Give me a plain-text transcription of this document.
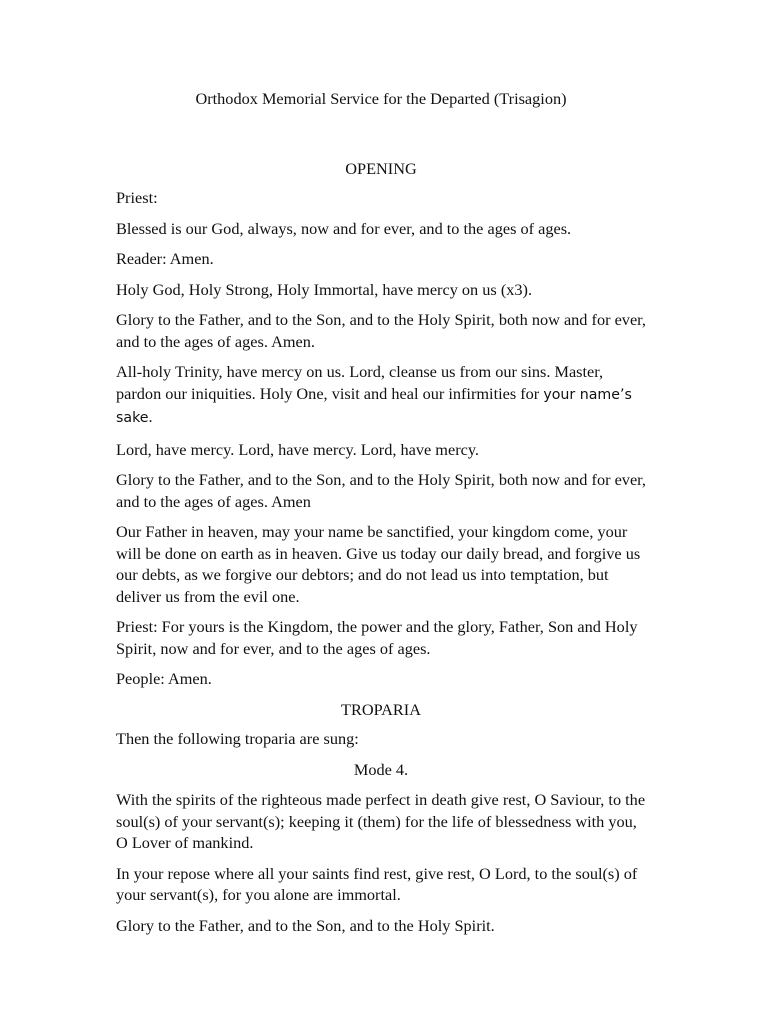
Orthodox Memorial Service for the Departed (Trisagion)
OPENING
Priest:
Blessed is our God, always, now and for ever, and to the ages of ages.
Reader: Amen.
Holy God, Holy Strong, Holy Immortal, have mercy on us (x3).
Glory to the Father, and to the Son, and to the Holy Spirit, both now and for ever, and to the ages of ages. Amen.
All-holy Trinity, have mercy on us. Lord, cleanse us from our sins. Master, pardon our iniquities. Holy One, visit and heal our infirmities for your name’s sake.
Lord, have mercy. Lord, have mercy. Lord, have mercy.
Glory to the Father, and to the Son, and to the Holy Spirit, both now and for ever, and to the ages of ages. Amen
Our Father in heaven, may your name be sanctified, your kingdom come, your will be done on earth as in heaven. Give us today our daily bread, and forgive us our debts, as we forgive our debtors; and do not lead us into temptation, but deliver us from the evil one.
Priest: For yours is the Kingdom, the power and the glory, Father, Son and Holy Spirit, now and for ever, and to the ages of ages.
People: Amen.
TROPARIA
Then the following troparia are sung:
Mode 4.
With the spirits of the righteous made perfect in death give rest, O Saviour, to the soul(s) of your servant(s); keeping it (them) for the life of blessedness with you, O Lover of mankind.
In your repose where all your saints find rest, give rest, O Lord, to the soul(s) of your servant(s), for you alone are immortal.
Glory to the Father, and to the Son, and to the Holy Spirit.
